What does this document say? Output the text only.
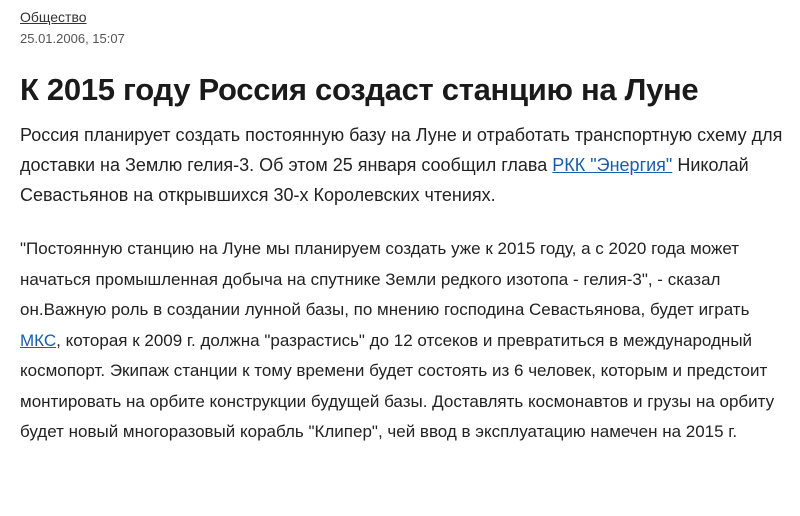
Общество
25.01.2006, 15:07
К 2015 году Россия создаст станцию на Луне

Россия планирует создать постоянную базу на Луне и отработать транспортную схему для доставки на Землю гелия-3. Об этом 25 января сообщил глава РКК "Энергия" Николай Севастьянов на открывшихся 30-х Королевских чтениях.

"Постоянную станцию на Луне мы планируем создать уже к 2015 году, а с 2020 года может начаться промышленная добыча на спутнике Земли редкого изотопа - гелия-3", - сказал он.Важную роль в создании лунной базы, по мнению господина Севастьянова, будет играть МКС, которая к 2009 г. должна "разрастись" до 12 отсеков и превратиться в международный космопорт. Экипаж станции к тому времени будет состоять из 6 человек, которым и предстоит монтировать на орбите конструкции будущей базы. Доставлять космонавтов и грузы на орбиту будет новый многоразовый корабль "Клипер", чей ввод в эксплуатацию намечен на 2015 г.
